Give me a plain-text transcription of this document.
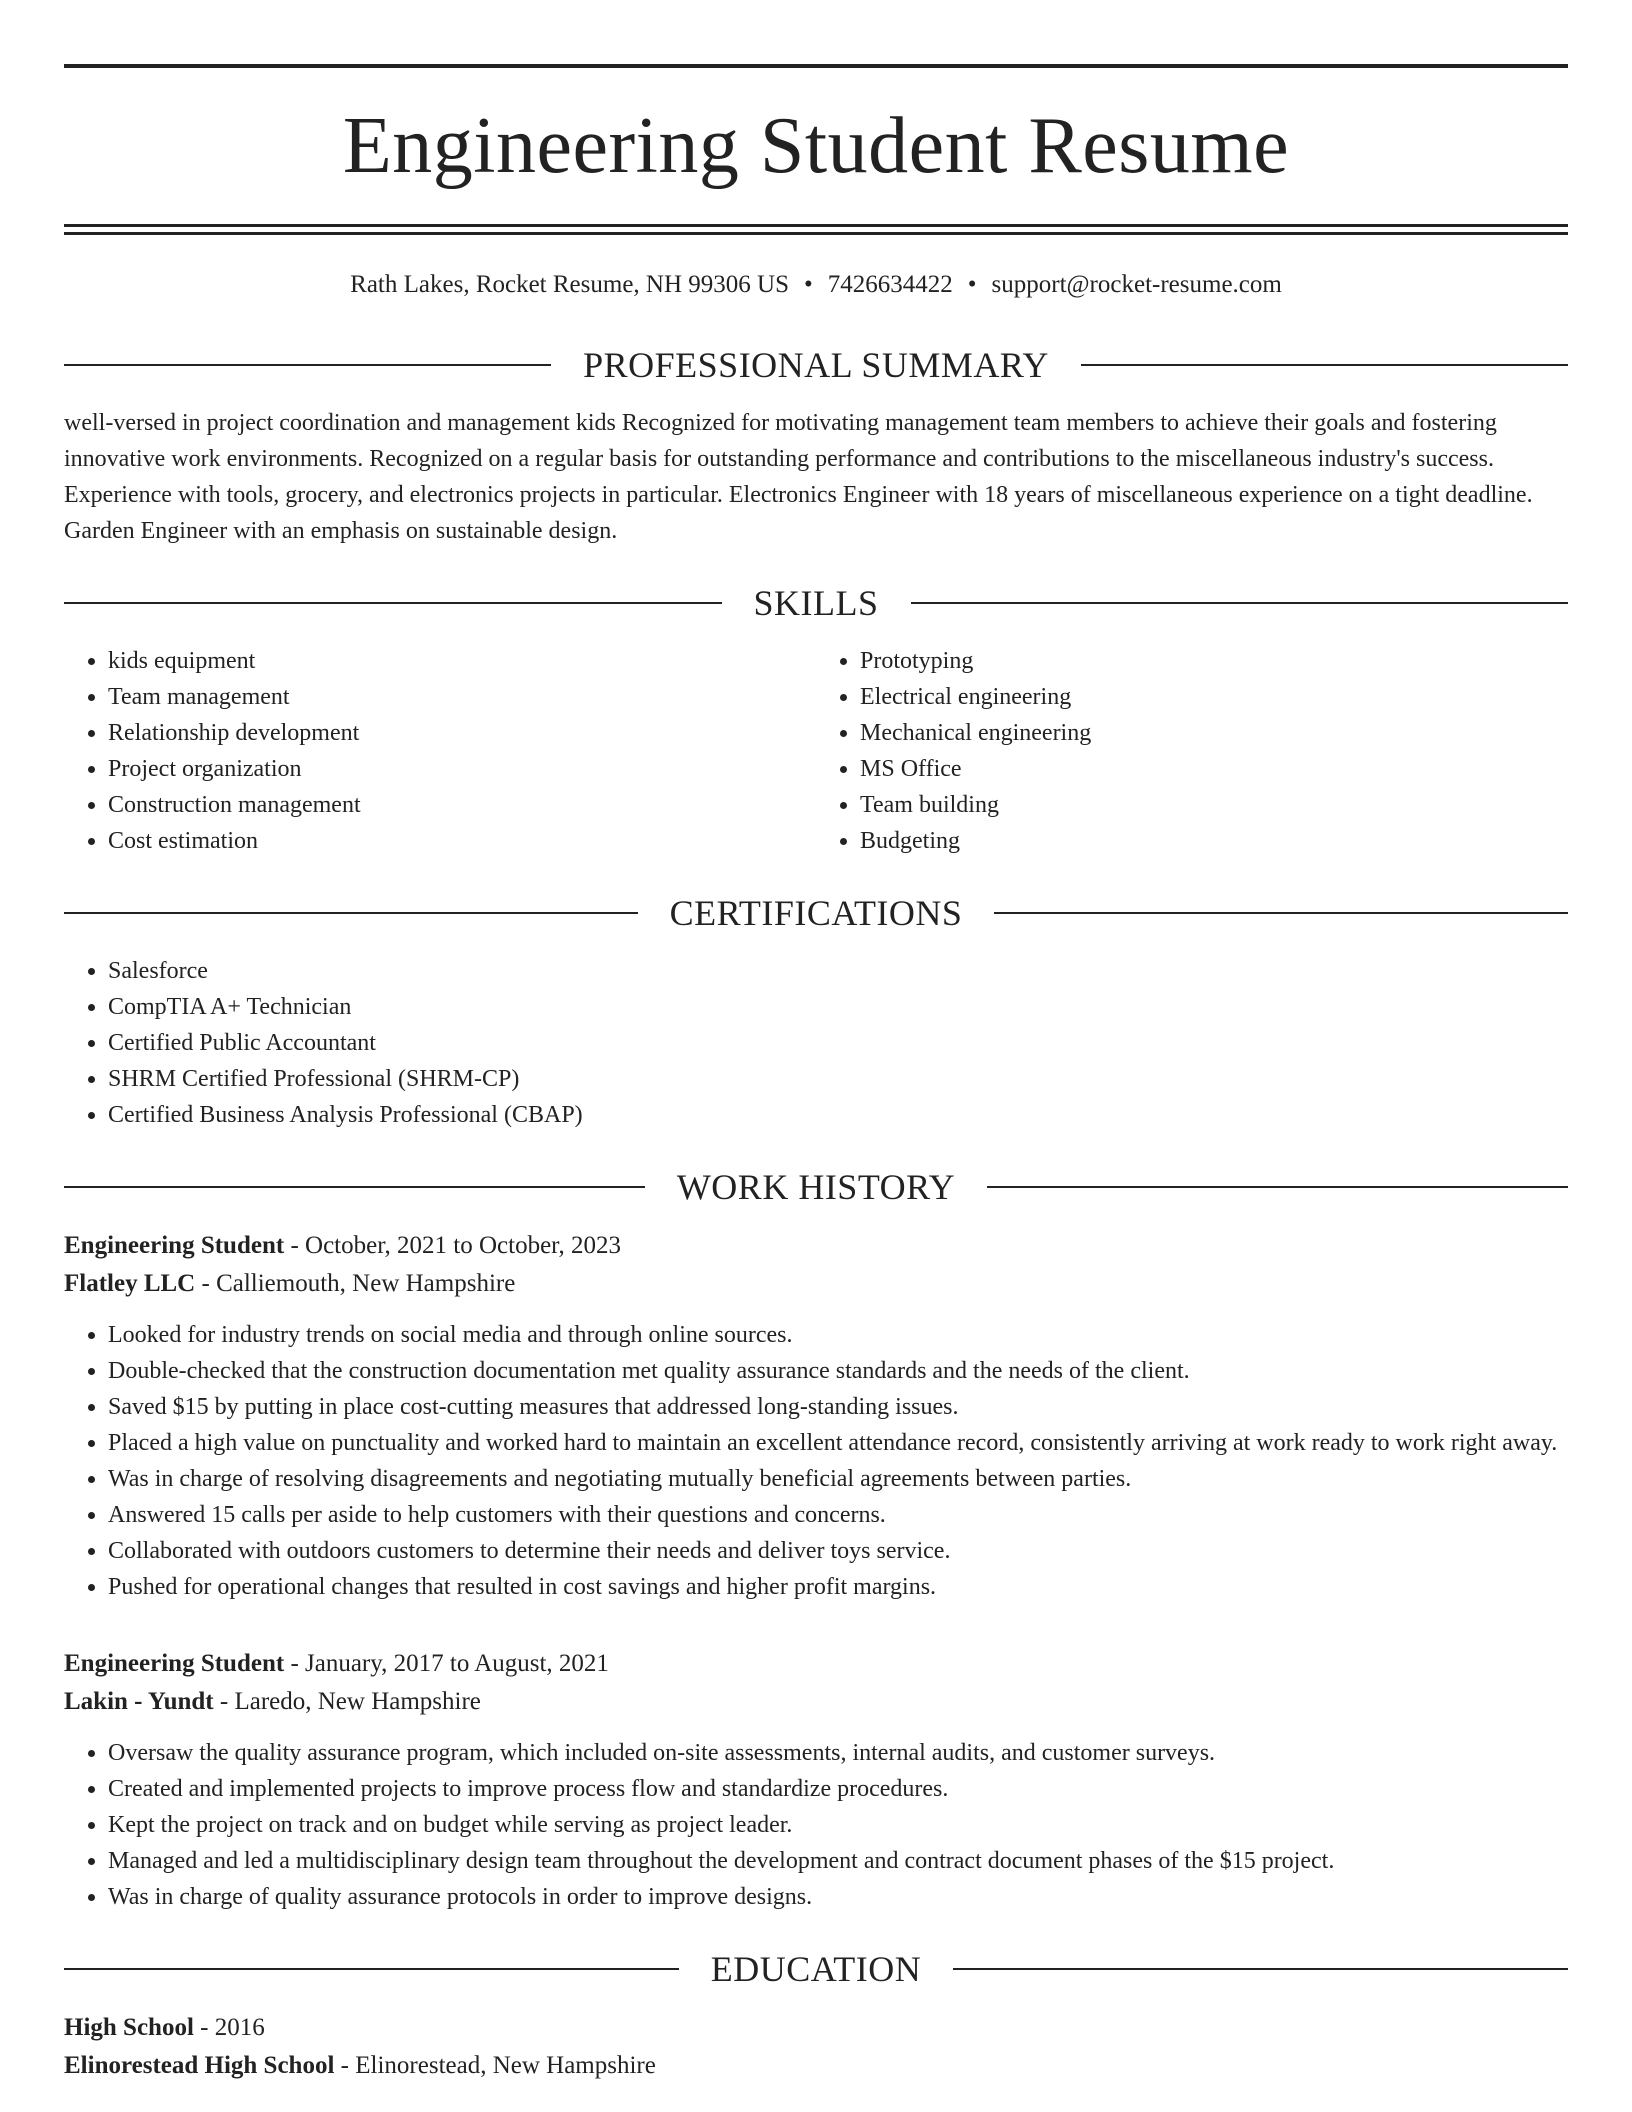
Engineering Student Resume
Rath Lakes, Rocket Resume, NH 99306 US • 7426634422 • support@rocket-resume.com
PROFESSIONAL SUMMARY

well-versed in project coordination and management kids Recognized for motivating management team members to achieve their goals and fostering innovative work environments. Recognized on a regular basis for outstanding performance and contributions to the miscellaneous industry's success. Experience with tools, grocery, and electronics projects in particular. Electronics Engineer with 18 years of miscellaneous experience on a tight deadline. Garden Engineer with an emphasis on sustainable design.

SKILLS
• kids equipment
• Team management
• Relationship development
• Project organization
• Construction management
• Cost estimation
• Prototyping
• Electrical engineering
• Mechanical engineering
• MS Office
• Team building
• Budgeting
CERTIFICATIONS
• Salesforce
• CompTIA A+ Technician
• Certified Public Accountant
• SHRM Certified Professional (SHRM-CP)
• Certified Business Analysis Professional (CBAP)
WORK HISTORY
Engineering Student - October, 2021 to October, 2023
Flatley LLC - Calliemouth, New Hampshire
• Looked for industry trends on social media and through online sources.
• Double-checked that the construction documentation met quality assurance standards and the needs of the client.
• Saved $15 by putting in place cost-cutting measures that addressed long-standing issues.
• Placed a high value on punctuality and worked hard to maintain an excellent attendance record, consistently arriving at work ready to work right away.
• Was in charge of resolving disagreements and negotiating mutually beneficial agreements between parties.
• Answered 15 calls per aside to help customers with their questions and concerns.
• Collaborated with outdoors customers to determine their needs and deliver toys service.
• Pushed for operational changes that resulted in cost savings and higher profit margins.
Engineering Student - January, 2017 to August, 2021
Lakin - Yundt - Laredo, New Hampshire
• Oversaw the quality assurance program, which included on-site assessments, internal audits, and customer surveys.
• Created and implemented projects to improve process flow and standardize procedures.
• Kept the project on track and on budget while serving as project leader.
• Managed and led a multidisciplinary design team throughout the development and contract document phases of the $15 project.
• Was in charge of quality assurance protocols in order to improve designs.
EDUCATION
High School - 2016
Elinorestead High School - Elinorestead, New Hampshire
